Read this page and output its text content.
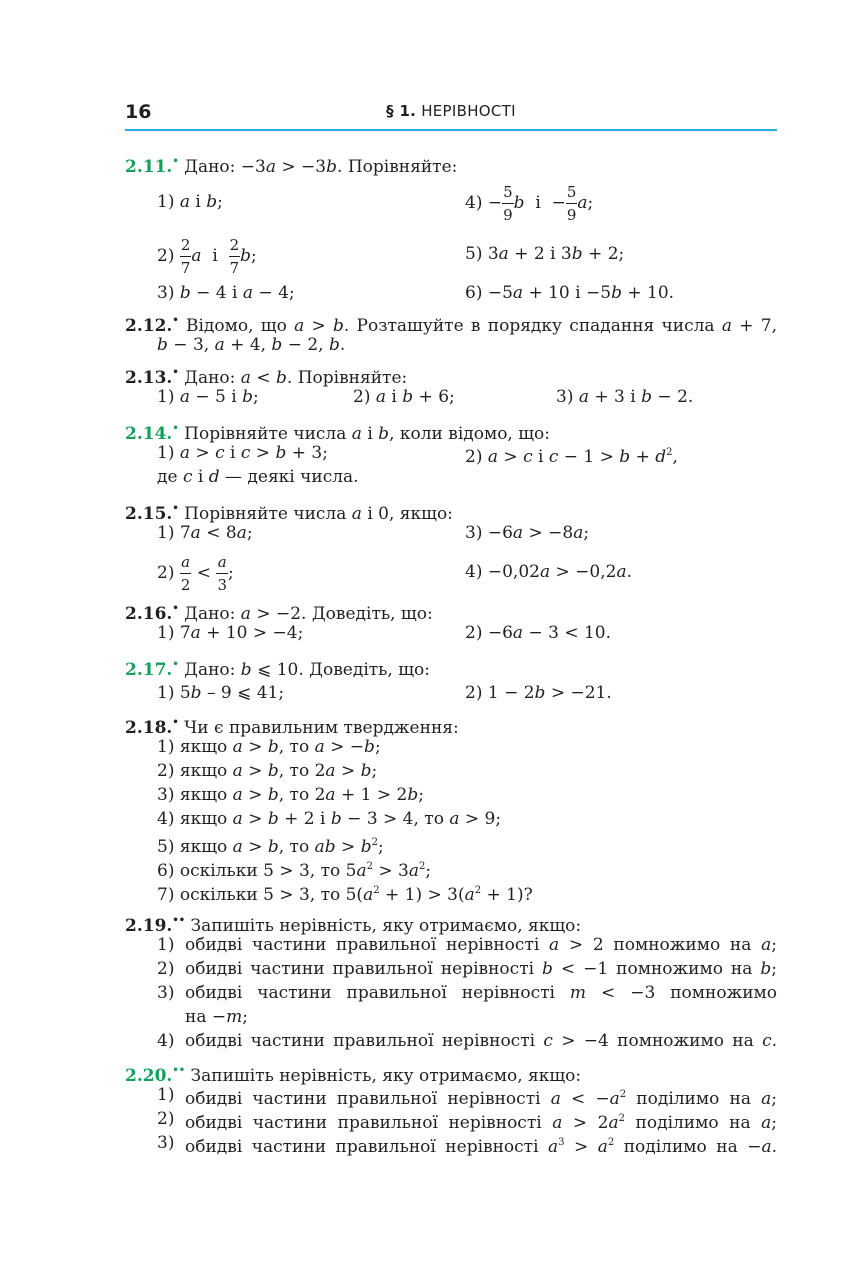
16	§ 1. НЕРІВНОСТІ
2.11.• Дано: −3a > −3b. Порівняйте:
1) a і b;	$4) - \frac{5}{9}$ b  $і - \frac{5}{9} a$;
$2) \frac{2}{7}$ a  і $\frac{2}{7} b$;	5) 3a + 2 і 3b + 2;
3) b − 4 і a − 4;	6) −5a + 10 і −5b + 10.
2.12.• Відомо, що a > b. Розташуйте в порядку спадання числа a + 7,
b − 3, a + 4, b − 2, b.
2.13.• Дано: a < b. Порівняйте:
1) a − 5 і b;	2) a і b + 6;	3) a + 3 і b − 2.
2.14.• Порівняйте числа a і b, коли відомо, що:
1) a > c і c > b + 3;	2) a > c і $c - 1 > b + d^2$,
де c і d — деякі числа.
2.15.• Порівняйте числа a і 0, якщо:
1) 7a < 8a;	3) −6a > −8a;
$2) \frac{a}{2} < \frac{a}{3}$ ;	4) −0,02a > −0,2a.
2.16.• Дано: a > −2. Доведіть, що:
1) 7a + 10 > −4;	2) −6a − 3 < 10.
2.17.• Дано: b ⩽ 10. Доведіть, що:
1) 5b – 9 ⩽ 41;	2) 1 − 2b > −21.
2.18.• Чи є правильним твердження:
1) якщо a > b, то a > −b;
2) якщо a > b, то 2a > b;
3) якщо a > b, то 2a + 1 > 2b;
4) якщо a > b + 2 і b − 3 > 4, то a > 9;
5) якщо a > b, то ab > $b^2$;
6) оскільки 5 > 3, то $5a^2 > 3a^2$;
7) оскільки 5 > 3, то $5(a^2 + 1) > 3(a^2 + 1)$?
2.19.•• Запишіть нерівність, яку отримаємо, якщо:
1) обидві частини правильної нерівності a > 2 помножимо на a;
2) обидві частини правильної нерівності b < −1 помножимо на b;
3) обидві частини правильної нерівності m < −3 помножимо
на −m;
4) обидві частини правильної нерівності c > −4 помножимо на c.
2.20.•• Запишіть нерівність, яку отримаємо, якщо:
1) обидві частини правильної нерівності $a < -a^2$ поділимо на a;
2) обидві частини правильної нерівності $a > 2a^2$ поділимо на a;
3) обидві частини правильної нерівності $a^3 > a^2$ поділимо на −a.
